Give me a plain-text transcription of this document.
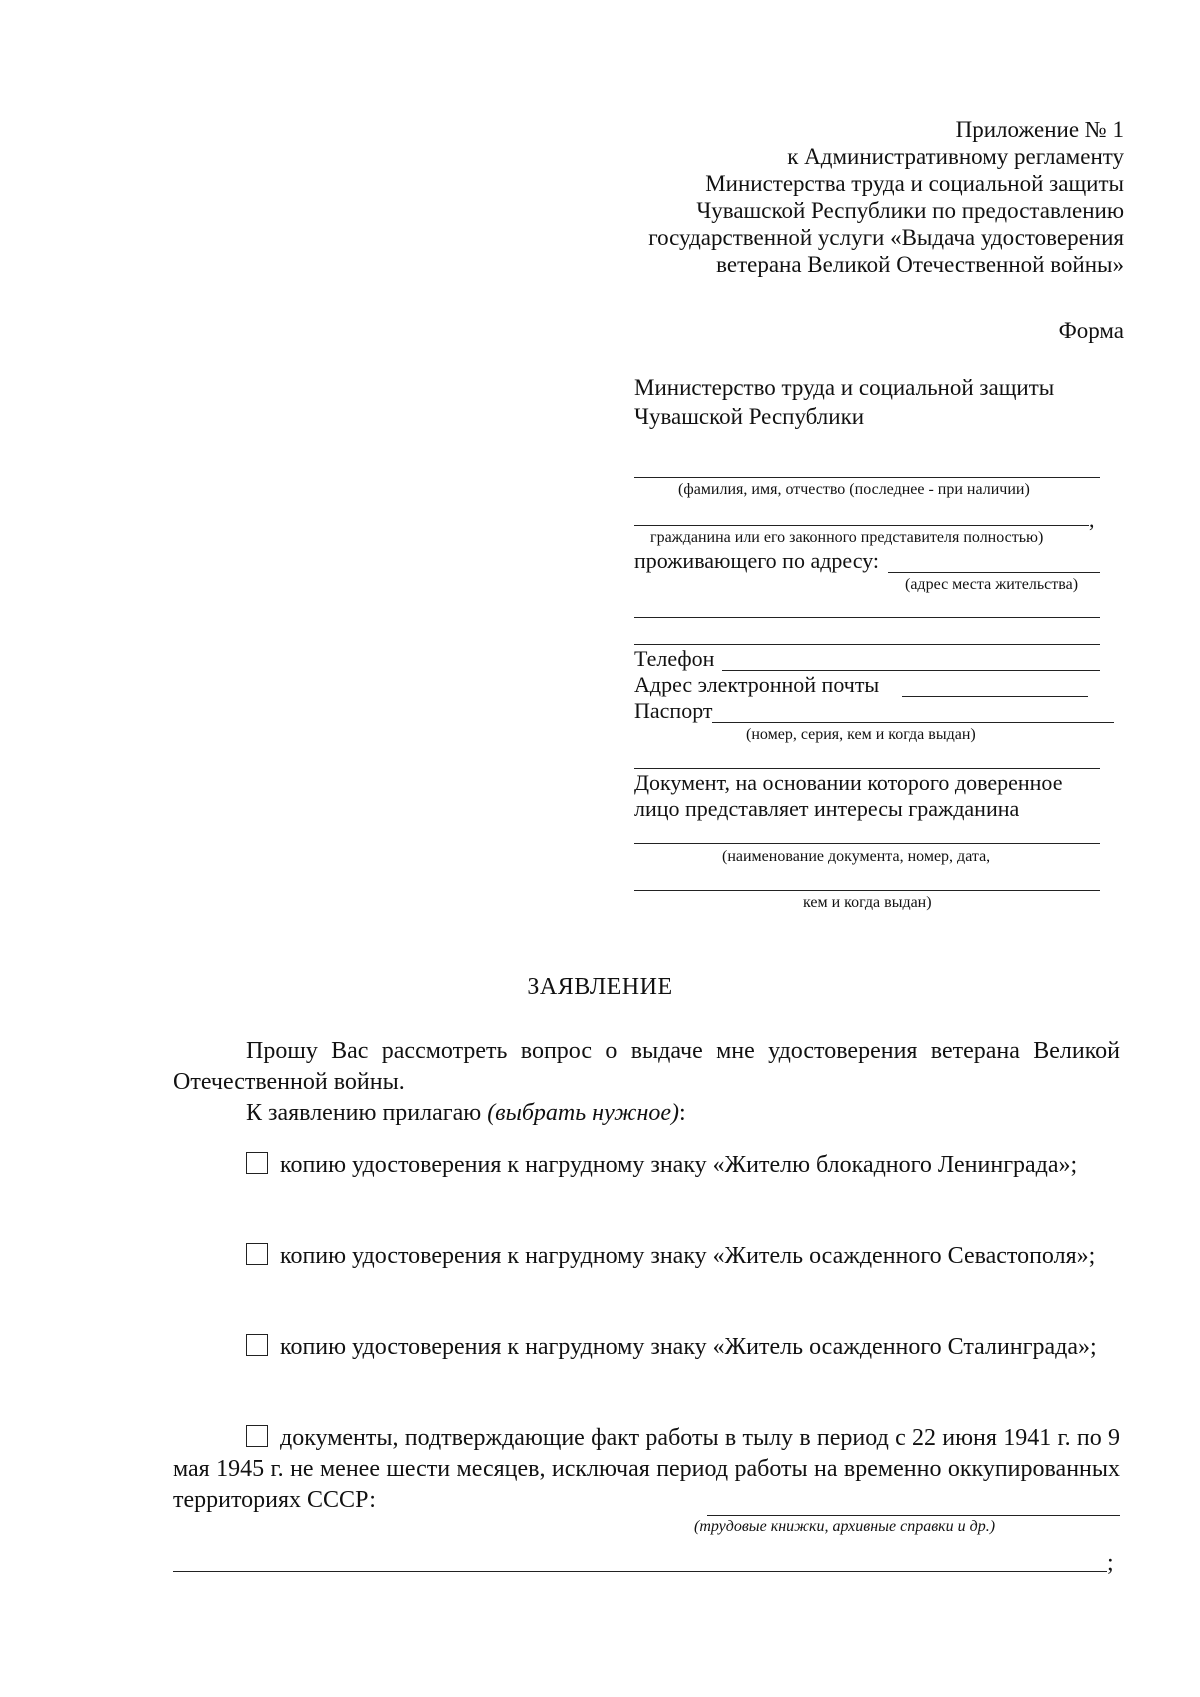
Приложение № 1
к Административному регламенту
Министерства труда и социальной защиты
Чувашской Республики по предоставлению
государственной услуги «Выдача удостоверения
ветерана Великой Отечественной войны»
Форма
Министерство труда и социальной защиты
Чувашской Республики
(фамилия, имя, отчество (последнее - при наличии)
,
гражданина или его законного представителя полностью)
проживающего по адресу:
(адрес места жительства)
Телефон
Адрес электронной почты
Паспорт
(номер, серия, кем и когда выдан)
Документ, на основании которого доверенное
лицо представляет интересы гражданина
(наименование документа, номер, дата,
кем и когда выдан)
ЗАЯВЛЕНИЕ
Прошу Вас рассмотреть вопрос о выдаче мне удостоверения ветерана Великой Отечественной войны.
К заявлению прилагаю (выбрать нужное):
копию удостоверения к нагрудному знаку «Жителю блокадного Ленинграда»;
копию удостоверения к нагрудному знаку «Житель осажденного Севастополя»;
копию удостоверения к нагрудному знаку «Житель осажденного Сталинграда»;
документы, подтверждающие факт работы в тылу в период с 22 июня 1941 г. по 9 мая 1945 г. не менее шести месяцев, исключая период работы на временно оккупированных территориях СССР:
(трудовые книжки, архивные справки и др.)
;
